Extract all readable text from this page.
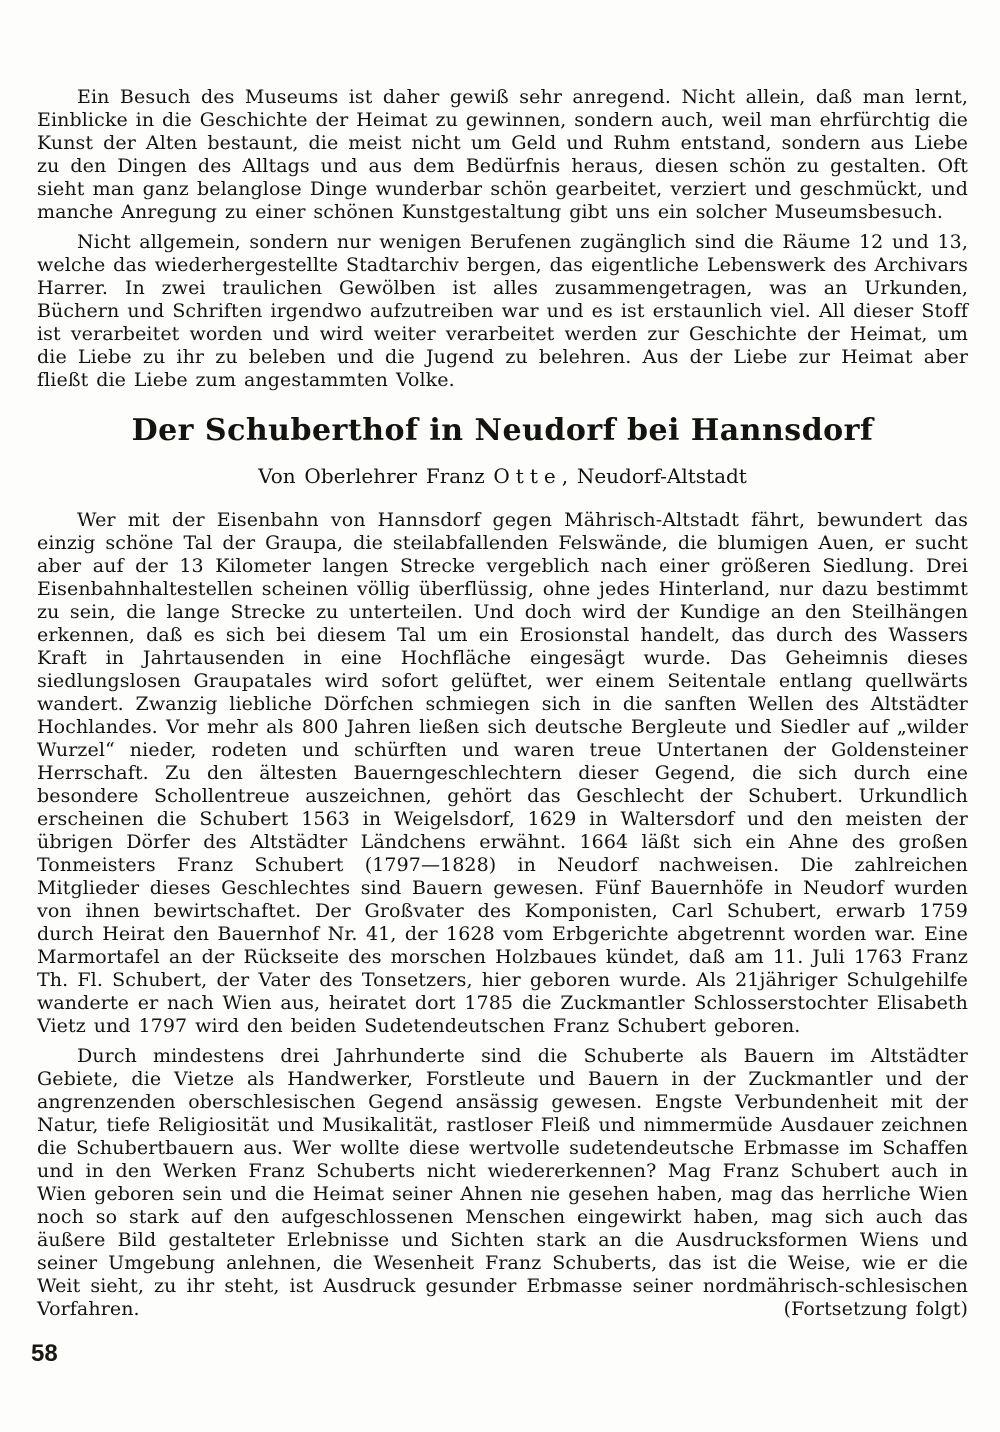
Ein Besuch des Museums ist daher gewiß sehr anregend. Nicht allein, daß man lernt, Einblicke in die Geschichte der Heimat zu gewinnen, sondern auch, weil man ehrfürchtig die Kunst der Alten bestaunt, die meist nicht um Geld und Ruhm entstand, sondern aus Liebe zu den Dingen des Alltags und aus dem Bedürfnis heraus, diesen schön zu gestalten. Oft sieht man ganz belanglose Dinge wunderbar schön gearbeitet, verziert und geschmückt, und manche Anregung zu einer schönen Kunstgestaltung gibt uns ein solcher Museumsbesuch.

Nicht allgemein, sondern nur wenigen Berufenen zugänglich sind die Räume 12 und 13, welche das wiederhergestellte Stadtarchiv bergen, das eigentliche Lebenswerk des Archivars Harrer. In zwei traulichen Gewölben ist alles zusammengetragen, was an Urkunden, Büchern und Schriften irgendwo aufzutreiben war und es ist erstaunlich viel. All dieser Stoff ist verarbeitet worden und wird weiter verarbeitet werden zur Geschichte der Heimat, um die Liebe zu ihr zu beleben und die Jugend zu belehren. Aus der Liebe zur Heimat aber fließt die Liebe zum angestammten Volke.

Der Schuberthof in Neudorf bei Hannsdorf

Von Oberlehrer Franz Otte, Neudorf-Altstadt

Wer mit der Eisenbahn von Hannsdorf gegen Mährisch-Altstadt fährt, bewundert das einzig schöne Tal der Graupa, die steilabfallenden Felswände, die blumigen Auen, er sucht aber auf der 13 Kilometer langen Strecke vergeblich nach einer größeren Siedlung. Drei Eisenbahnhaltestellen scheinen völlig überflüssig, ohne jedes Hinterland, nur dazu bestimmt zu sein, die lange Strecke zu unterteilen. Und doch wird der Kundige an den Steilhängen erkennen, daß es sich bei diesem Tal um ein Erosionstal handelt, das durch des Wassers Kraft in Jahrtausenden in eine Hochfläche eingesägt wurde. Das Geheimnis dieses siedlungslosen Graupatales wird sofort gelüftet, wer einem Seitentale entlang quellwärts wandert. Zwanzig liebliche Dörfchen schmiegen sich in die sanften Wellen des Altstädter Hochlandes. Vor mehr als 800 Jahren ließen sich deutsche Bergleute und Siedler auf „wilder Wurzel“ nieder, rodeten und schürften und waren treue Untertanen der Goldensteiner Herrschaft. Zu den ältesten Bauerngeschlechtern dieser Gegend, die sich durch eine besondere Schollentreue auszeichnen, gehört das Geschlecht der Schubert. Urkundlich erscheinen die Schubert 1563 in Weigelsdorf, 1629 in Waltersdorf und den meisten der übrigen Dörfer des Altstädter Ländchens erwähnt. 1664 läßt sich ein Ahne des großen Tonmeisters Franz Schubert (1797—1828) in Neudorf nachweisen. Die zahlreichen Mitglieder dieses Geschlechtes sind Bauern gewesen. Fünf Bauernhöfe in Neudorf wurden von ihnen bewirtschaftet. Der Großvater des Komponisten, Carl Schubert, erwarb 1759 durch Heirat den Bauernhof Nr. 41, der 1628 vom Erbgerichte abgetrennt worden war. Eine Marmortafel an der Rückseite des morschen Holzbaues kündet, daß am 11. Juli 1763 Franz Th. Fl. Schubert, der Vater des Tonsetzers, hier geboren wurde. Als 21jähriger Schulgehilfe wanderte er nach Wien aus, heiratet dort 1785 die Zuckmantler Schlosserstochter Elisabeth Vietz und 1797 wird den beiden Sudetendeutschen Franz Schubert geboren.

Durch mindestens drei Jahrhunderte sind die Schuberte als Bauern im Altstädter Gebiete, die Vietze als Handwerker, Forstleute und Bauern in der Zuckmantler und der angrenzenden oberschlesischen Gegend ansässig gewesen. Engste Verbundenheit mit der Natur, tiefe Religiosität und Musikalität, rastloser Fleiß und nimmermüde Ausdauer zeichnen die Schubertbauern aus. Wer wollte diese wertvolle sudetendeutsche Erbmasse im Schaffen und in den Werken Franz Schuberts nicht wiedererkennen? Mag Franz Schubert auch in Wien geboren sein und die Heimat seiner Ahnen nie gesehen haben, mag das herrliche Wien noch so stark auf den aufgeschlossenen Menschen eingewirkt haben, mag sich auch das äußere Bild gestalteter Erlebnisse und Sichten stark an die Ausdrucksformen Wiens und seiner Umgebung anlehnen, die Wesenheit Franz Schuberts, das ist die Weise, wie er die Weit sieht, zu ihr steht, ist Ausdruck gesunder Erbmasse seiner nordmährisch-schlesischen Vorfahren.	(Fortsetzung folgt)

58
